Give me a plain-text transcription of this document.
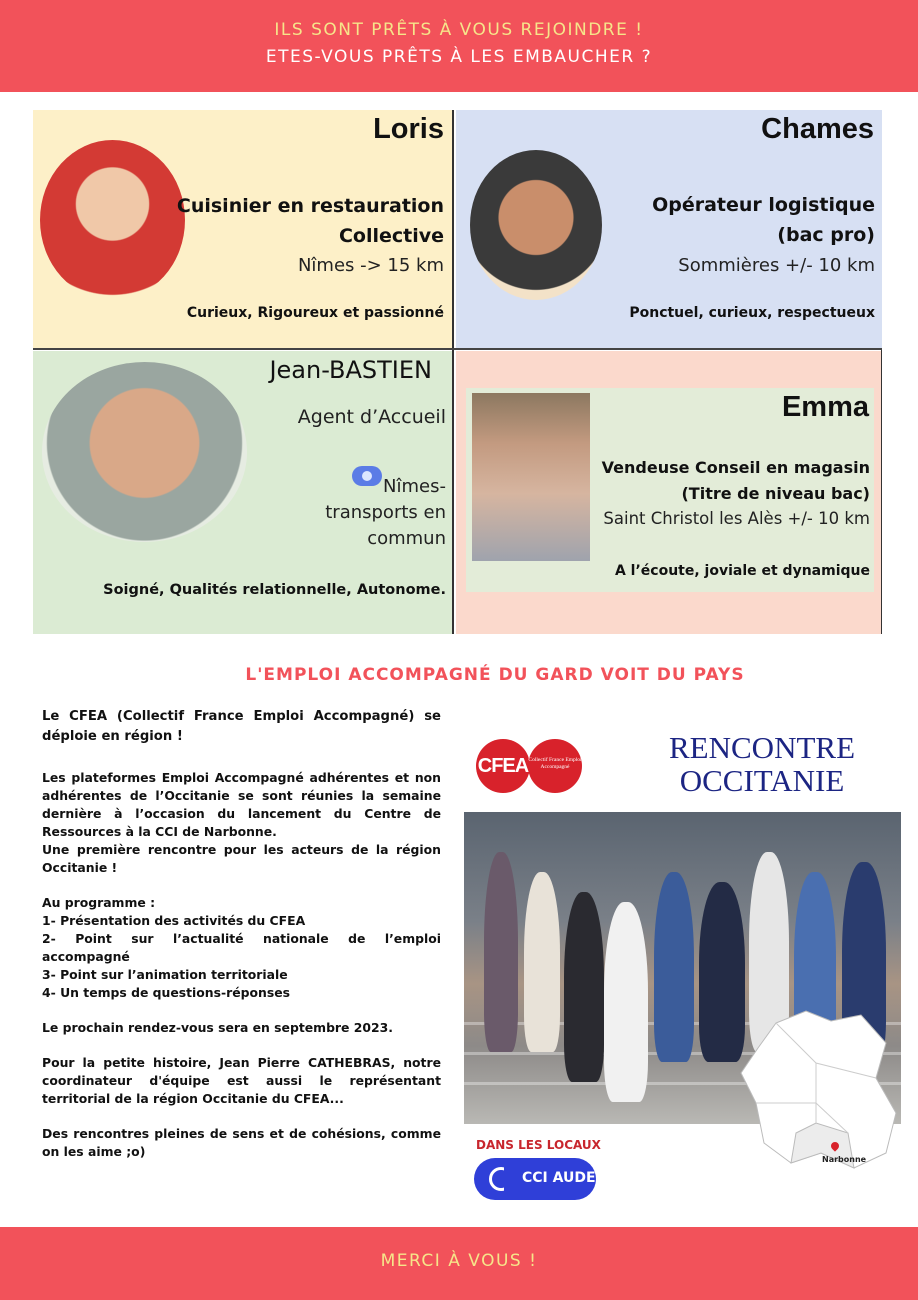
ILS SONT PRÊTS À VOUS REJOINDRE !
ETES-VOUS PRÊTS À LES EMBAUCHER ?
Loris
Cuisinier en restauration
Collective
Nîmes -> 15 km
Curieux, Rigoureux et passionné
Chames
Opérateur logistique
(bac pro)
Sommières +/- 10 km
Ponctuel, curieux, respectueux
Jean-BASTIEN
Agent d’Accueil
Nîmes-
transports en
commun
Soigné, Qualités relationnelle, Autonome.
Emma
Vendeuse Conseil en magasin
(Titre de niveau bac)
Saint Christol les Alès +/- 10 km
A l’écoute, joviale et dynamique
L'EMPLOI ACCOMPAGNÉ DU GARD VOIT DU PAYS

Le CFEA (Collectif France Emploi Accompagné) se déploie en région !

Les plateformes Emploi Accompagné adhérentes et non adhérentes de l’Occitanie se sont réunies la semaine dernière à l’occasion du lancement du Centre de Ressources à la CCI de Narbonne.

Une première rencontre pour les acteurs de la région Occitanie !

Au programme :
1- Présentation des activités du CFEA
2- Point sur l’actualité nationale de l’emploi accompagné
3- Point sur l’animation territoriale
4- Un temps de questions-réponses

Le prochain rendez-vous sera en septembre 2023.

Pour la petite histoire, Jean Pierre CATHEBRAS, notre coordinateur d'équipe est aussi le représentant territorial de la région Occitanie du CFEA...

Des rencontres pleines de sens et de cohésions, comme on les aime ;o)

CFEA Collectif France Emploi Accompagné
RENCONTRE
OCCITANIE
Narbonne
DANS LES LOCAUX
CCI AUDE
MERCI À VOUS !
